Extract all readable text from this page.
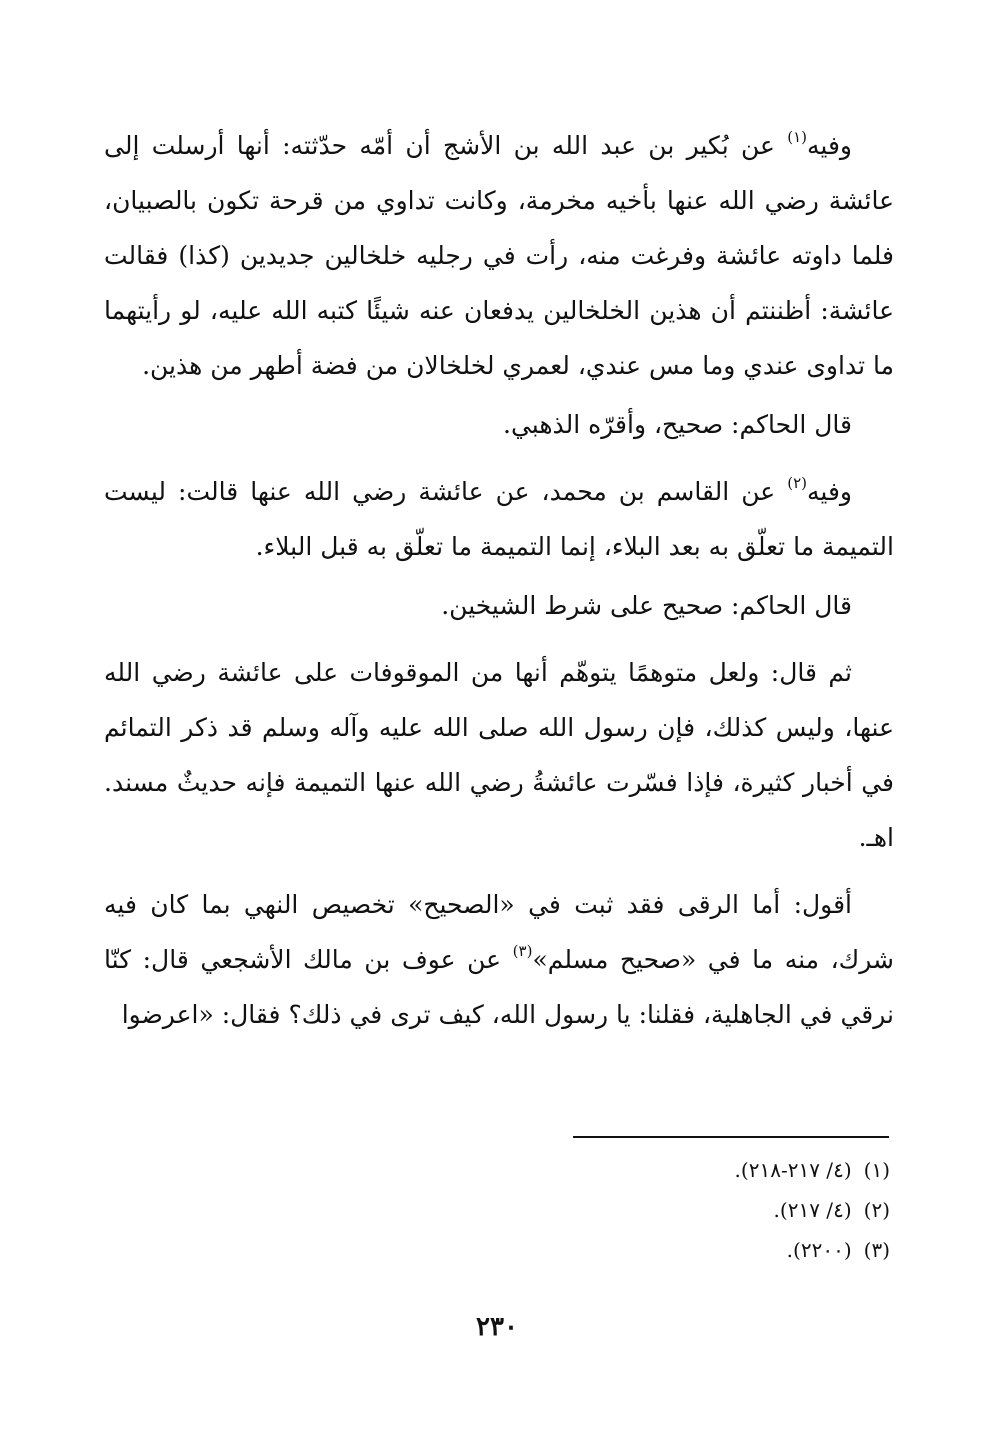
وفيه$^{(١)}$ عن بُكير بن عبد الله بن الأشج أن أمّه حدّثته: أنها أرسلت إلى عائشة رضي الله عنها بأخيه مخرمة، وكانت تداوي من قرحة تكون بالصبيان، فلما داوته عائشة وفرغت منه، رأت في رجليه خلخالين جديدين (كذا) فقالت عائشة: أظننتم أن هذين الخلخالين يدفعان عنه شيئًا كتبه الله عليه، لو رأيتهما ما تداوى عندي وما مس عندي، لعمري لخلخالان من فضة أطهر من هذين.

قال الحاكم: صحيح، وأقرّه الذهبي.

وفيه$^{(٢)}$ عن القاسم بن محمد، عن عائشة رضي الله عنها قالت: ليست التميمة ما تعلّق به بعد البلاء، إنما التميمة ما تعلّق به قبل البلاء.

قال الحاكم: صحيح على شرط الشيخين.

ثم قال: ولعل متوهمًا يتوهّم أنها من الموقوفات على عائشة رضي الله عنها، وليس كذلك، فإن رسول الله صلى الله عليه وآله وسلم قد ذكر التمائم في أخبار كثيرة، فإذا فسّرت عائشةُ رضي الله عنها التميمة فإنه حديثٌ مسند. اهـ.

أقول: أما الرقى فقد ثبت في «الصحيح» تخصيص النهي بما كان فيه شرك، منه ما في «صحيح مسلم»$^{(٣)}$ عن عوف بن مالك الأشجعي قال: كنّا نرقي في الجاهلية، فقلنا: يا رسول الله، كيف ترى في ذلك؟ فقال: «اعرضوا

(١)(٤/ ٢١٧-٢١٨).
(٢)(٤/ ٢١٧).
(٣)(٢٢٠٠).
٢٣٠
